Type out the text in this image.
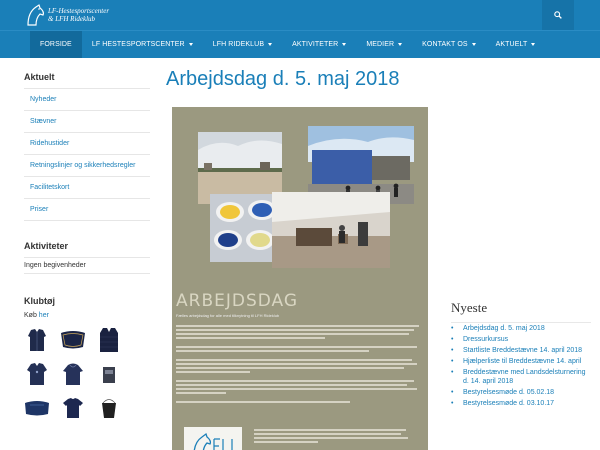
LF-Hestesportscenter
& LFH Rideklub
FORSIDE	LF HESTESPORTSCENTER	LFH RIDEKLUB	AKTIVITETER	MEDIER	KONTAKT OS	AKTUELT
Aktuelt
Nyheder
Stævner
Ridehustider
Retningslinjer og sikkerhedsregler
Facilitetskort
Priser
Aktiviteter
Ingen begivenheder
Klubtøj
Køb her
Arbejdsdag d. 5. maj 2018
ARBEJDSDAG
Fælles arbejdsdag for alle med tilknytning til LFH Rideklub
Nyeste
•	Arbejdsdag d. 5. maj 2018
•	Dressurkursus
•	Startliste Breddestævne 14. april 2018
•	Hjælperliste til Breddestævne 14. april
•	Breddestævne med Landsdelsturnering d. 14. april 2018
•	Bestyrelsesmøde d. 05.02.18
•	Bestyrelsesmøde d. 03.10.17
